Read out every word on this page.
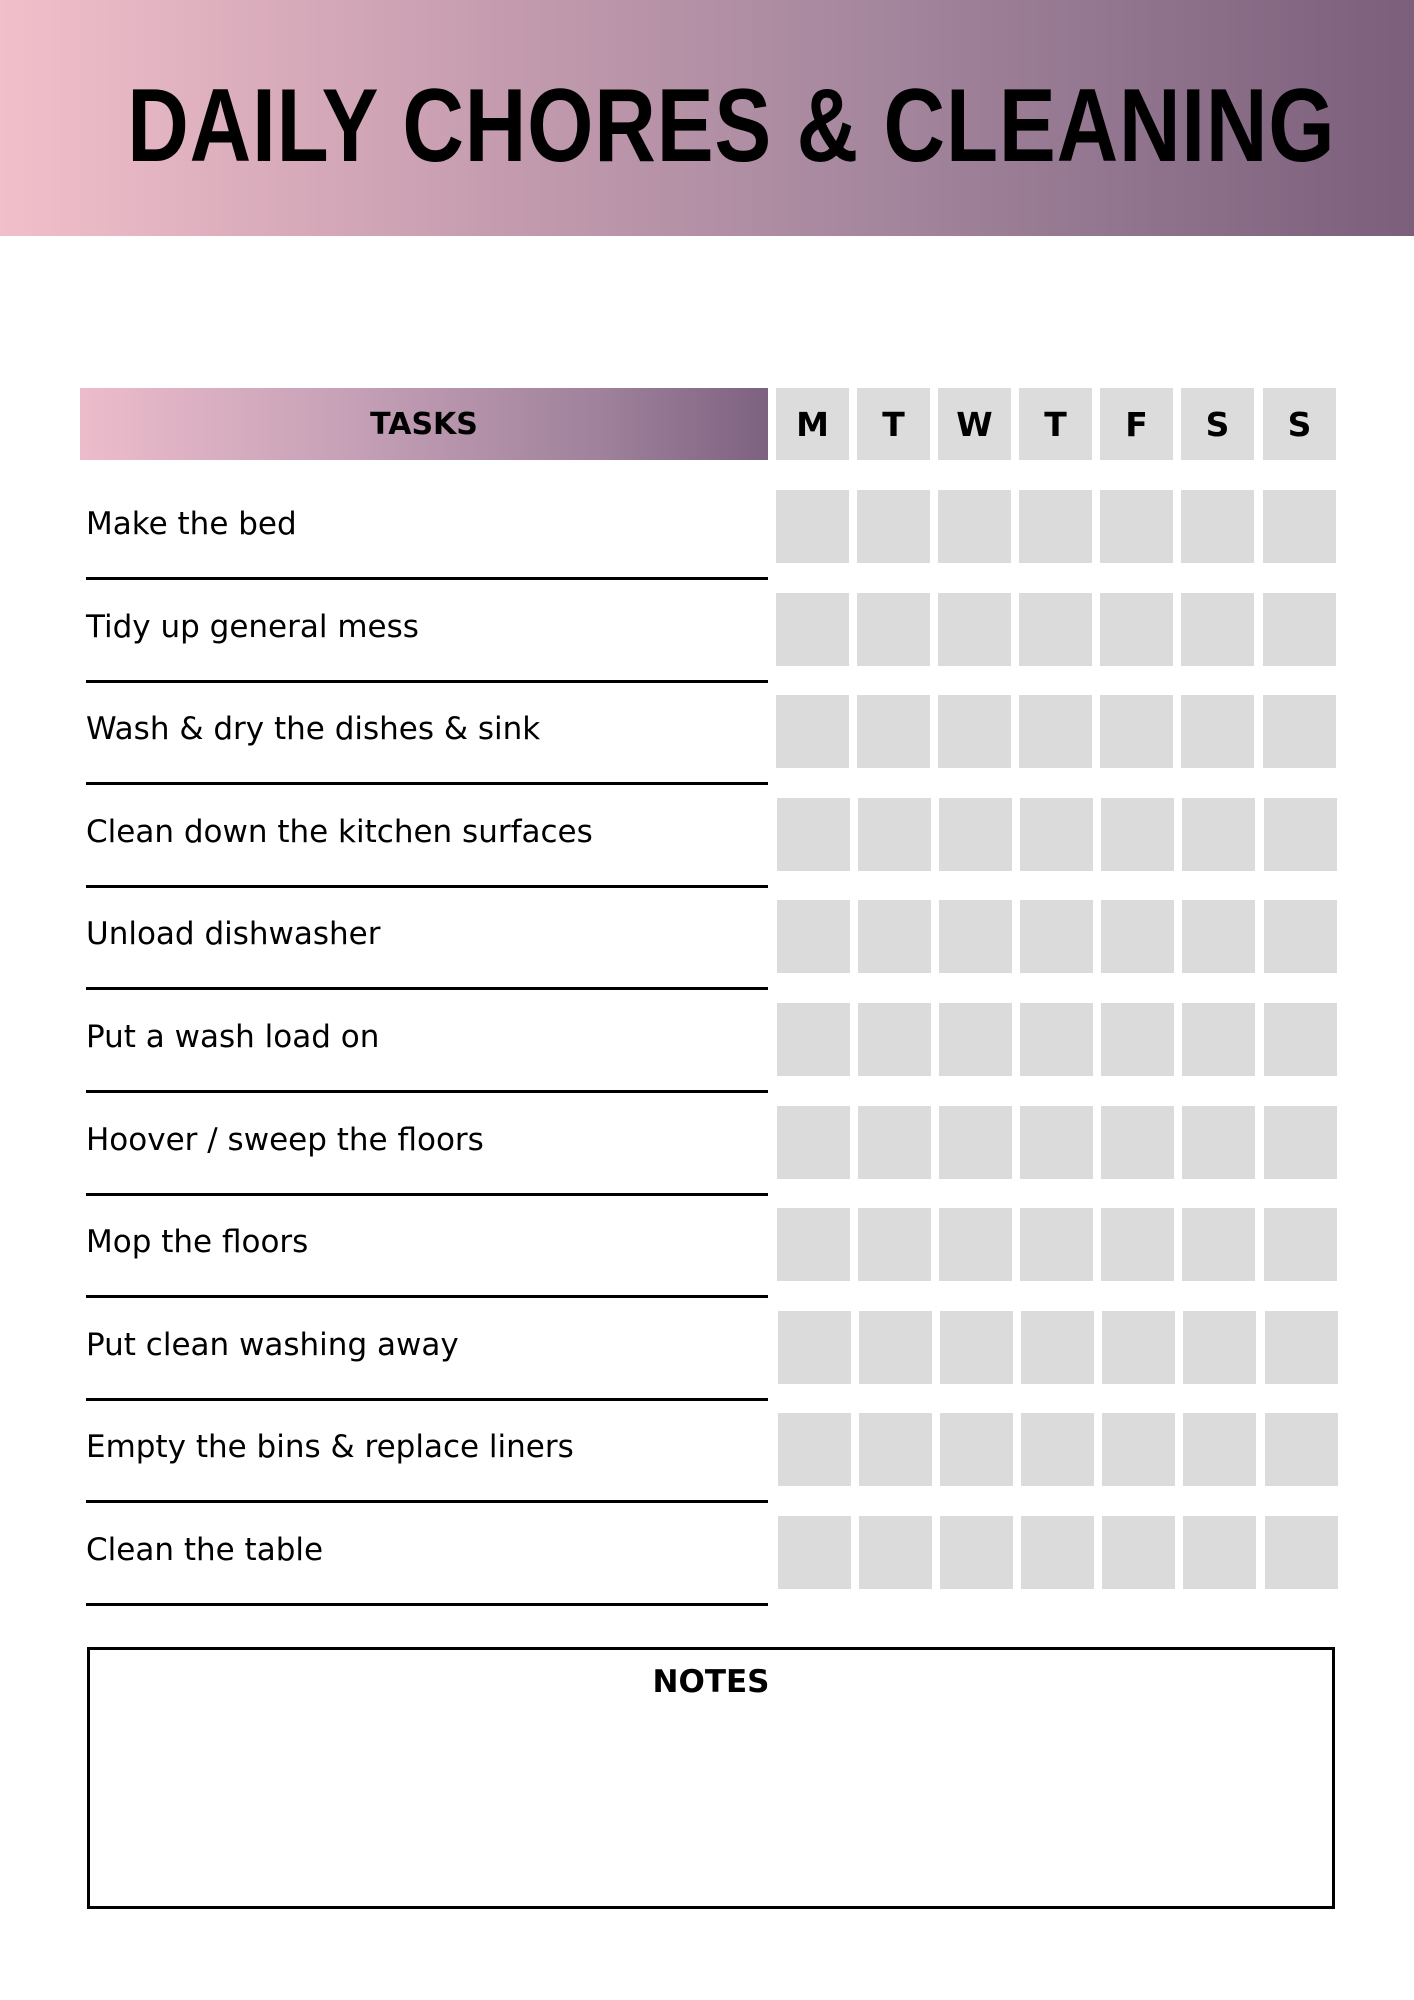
DAILY CHORES & CLEANING
TASKS	M	T	W	T	F	S	S
Make the bed
Tidy up general mess
Wash & dry the dishes & sink
Clean down the kitchen surfaces
Unload dishwasher
Put a wash load on
Hoover / sweep the floors
Mop the floors
Put clean washing away
Empty the bins & replace liners
Clean the table
NOTES
